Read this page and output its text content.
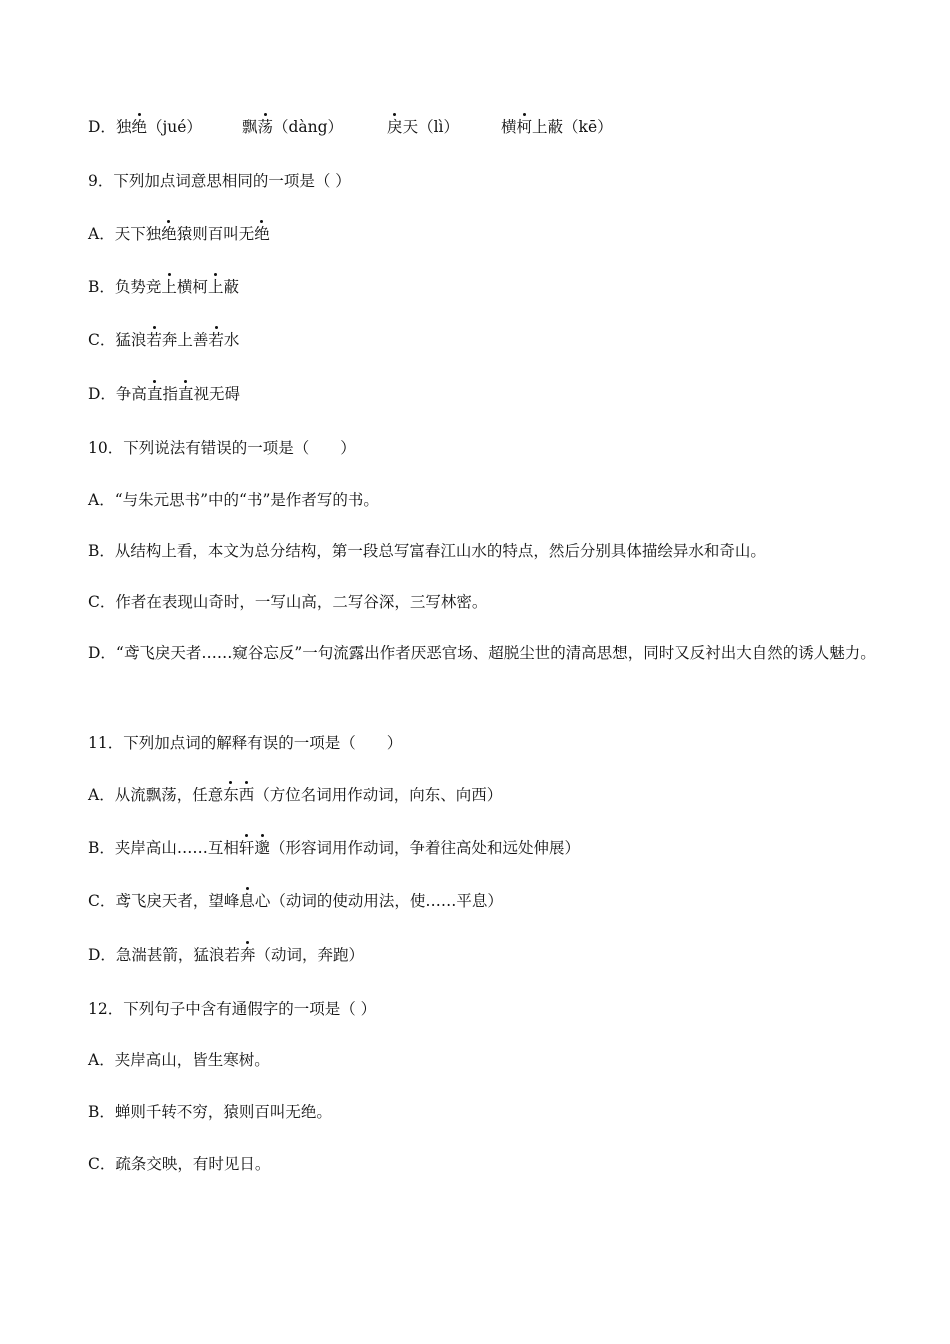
D．独绝（jué）	飘荡（dàng）	戾天（lì）	横柯上蔽（kē）
9．下列加点词意思相同的一项是（ ）
A．天下独绝猿则百叫无绝
B．负势竞上横柯上蔽
C．猛浪若奔上善若水
D．争高直指直视无碍
10．下列说法有错误的一项是（　　）
A．“与朱元思书”中的“书”是作者写的书。
B．从结构上看，本文为总分结构，第一段总写富春江山水的特点，然后分别具体描绘异水和奇山。
C．作者在表现山奇时，一写山高，二写谷深，三写林密。
D．“鸢飞戾天者……窥谷忘反”一句流露出作者厌恶官场、超脱尘世的清高思想，同时又反衬出大自然的诱人魅力。
11．下列加点词的解释有误的一项是（　　）
A．从流飘荡，任意东西（方位名词用作动词，向东、向西）
B．夹岸高山……互相轩邈（形容词用作动词，争着往高处和远处伸展）
C．鸢飞戾天者，望峰息心（动词的使动用法，使……平息）
D．急湍甚箭，猛浪若奔（动词，奔跑）
12．下列句子中含有通假字的一项是（ ）
A．夹岸高山，皆生寒树。
B．蝉则千转不穷，猿则百叫无绝。
C．疏条交映，有时见日。
